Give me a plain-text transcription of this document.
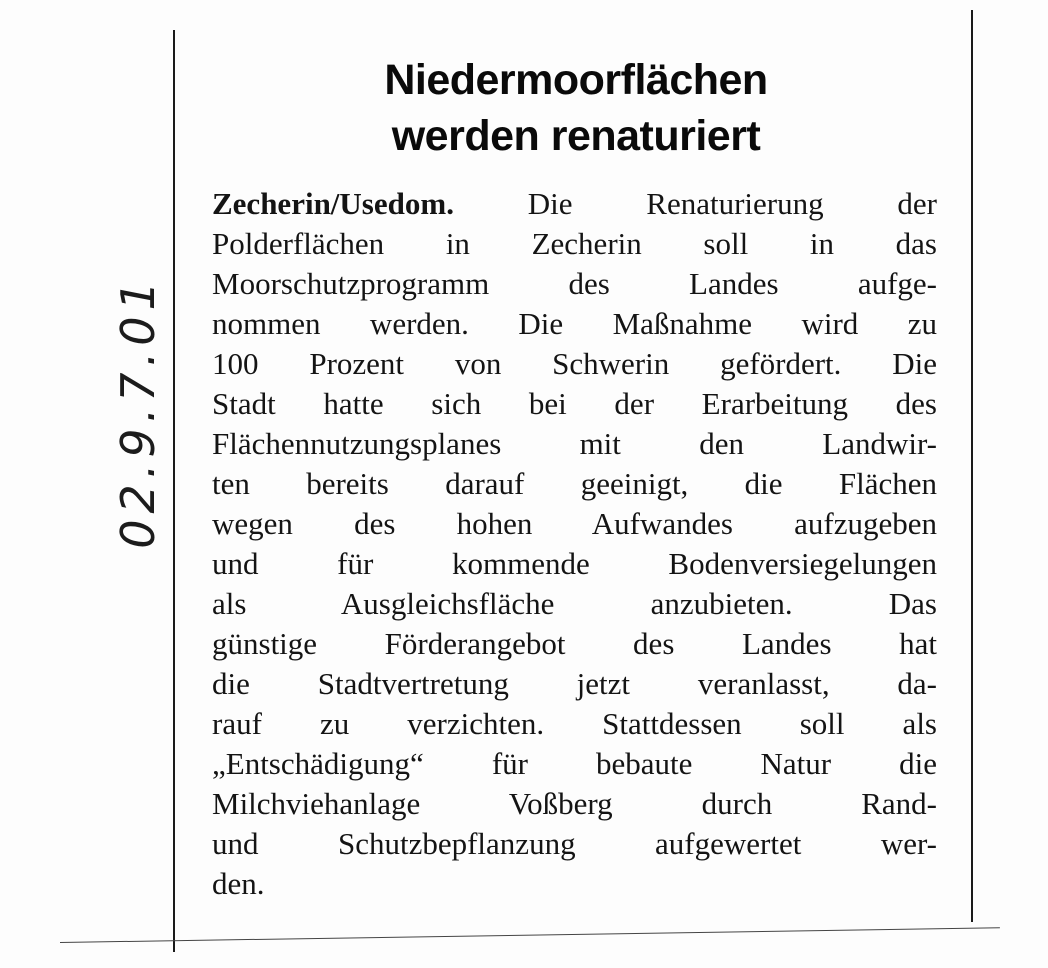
02.9.7.01
Niedermoorflächen
werden renaturiert
Zecherin/Usedom. Die Renaturierung der
Polderflächen in Zecherin soll in das
Moorschutzprogramm des Landes aufge-
nommen werden. Die Maßnahme wird zu
100 Prozent von Schwerin gefördert. Die
Stadt hatte sich bei der Erarbeitung des
Flächennutzungsplanes mit den Landwir-
ten bereits darauf geeinigt, die Flächen
wegen des hohen Aufwandes aufzugeben
und für kommende Bodenversiegelungen
als Ausgleichsfläche anzubieten. Das
günstige Förderangebot des Landes hat
die Stadtvertretung jetzt veranlasst, da-
rauf zu verzichten. Stattdessen soll als
„Entschädigung“ für bebaute Natur die
Milchviehanlage Voßberg durch Rand-
und Schutzbepflanzung aufgewertet wer-
den.
